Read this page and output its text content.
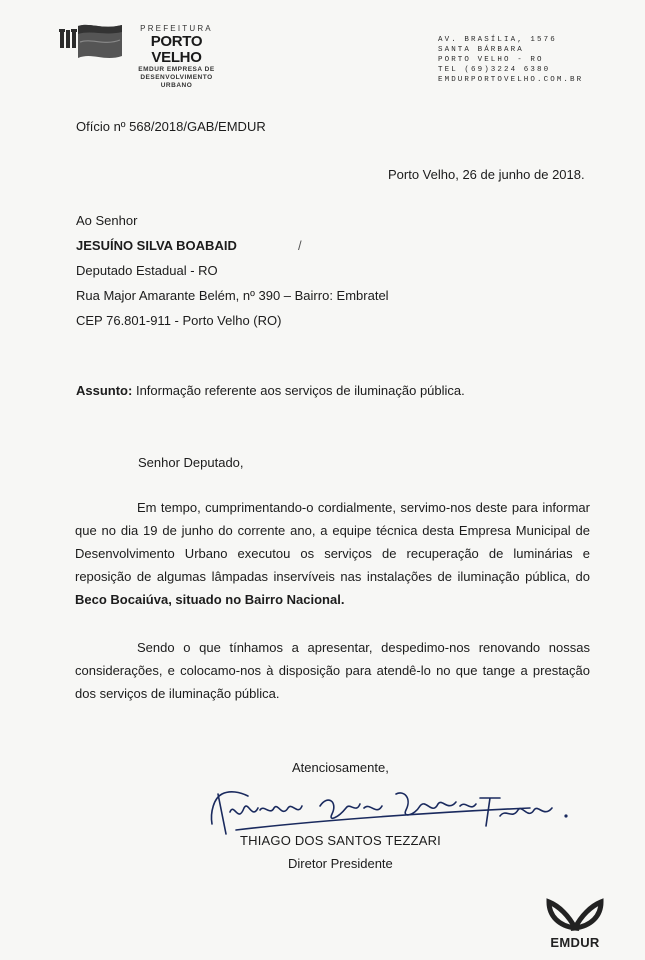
PREFEITURA
PORTO VELHO
EMDUR EMPRESA DE
DESENVOLVIMENTO
URBANO
AV. BRASÍLIA, 1576
SANTA BÁRBARA
PORTO VELHO - RO
TEL (69)3224 6380
EMDURPORTOVELHO.COM.BR
Ofício nº 568/2018/GAB/EMDUR
Porto Velho, 26 de junho de 2018.
Ao Senhor
JESUÍNO SILVA BOABAID	/
Deputado Estadual - RO
Rua Major Amarante Belém, nº 390 – Bairro: Embratel
CEP 76.801-911 - Porto Velho (RO)
Assunto: Informação referente aos serviços de iluminação pública.
Senhor Deputado,
Em tempo, cumprimentando-o cordialmente, servimo-nos deste para informar que no dia 19 de junho do corrente ano, a equipe técnica desta Empresa Municipal de Desenvolvimento Urbano executou os serviços de recuperação de luminárias e reposição de algumas lâmpadas inservíveis nas instalações de iluminação pública, do Beco Bocaiúva, situado no Bairro Nacional.
Sendo o que tínhamos a apresentar, despedimo-nos renovando nossas considerações, e colocamo-nos à disposição para atendê-lo no que tange a prestação dos serviços de iluminação pública.
Atenciosamente,
THIAGO DOS SANTOS TEZZARI
Diretor Presidente
EMDUR
